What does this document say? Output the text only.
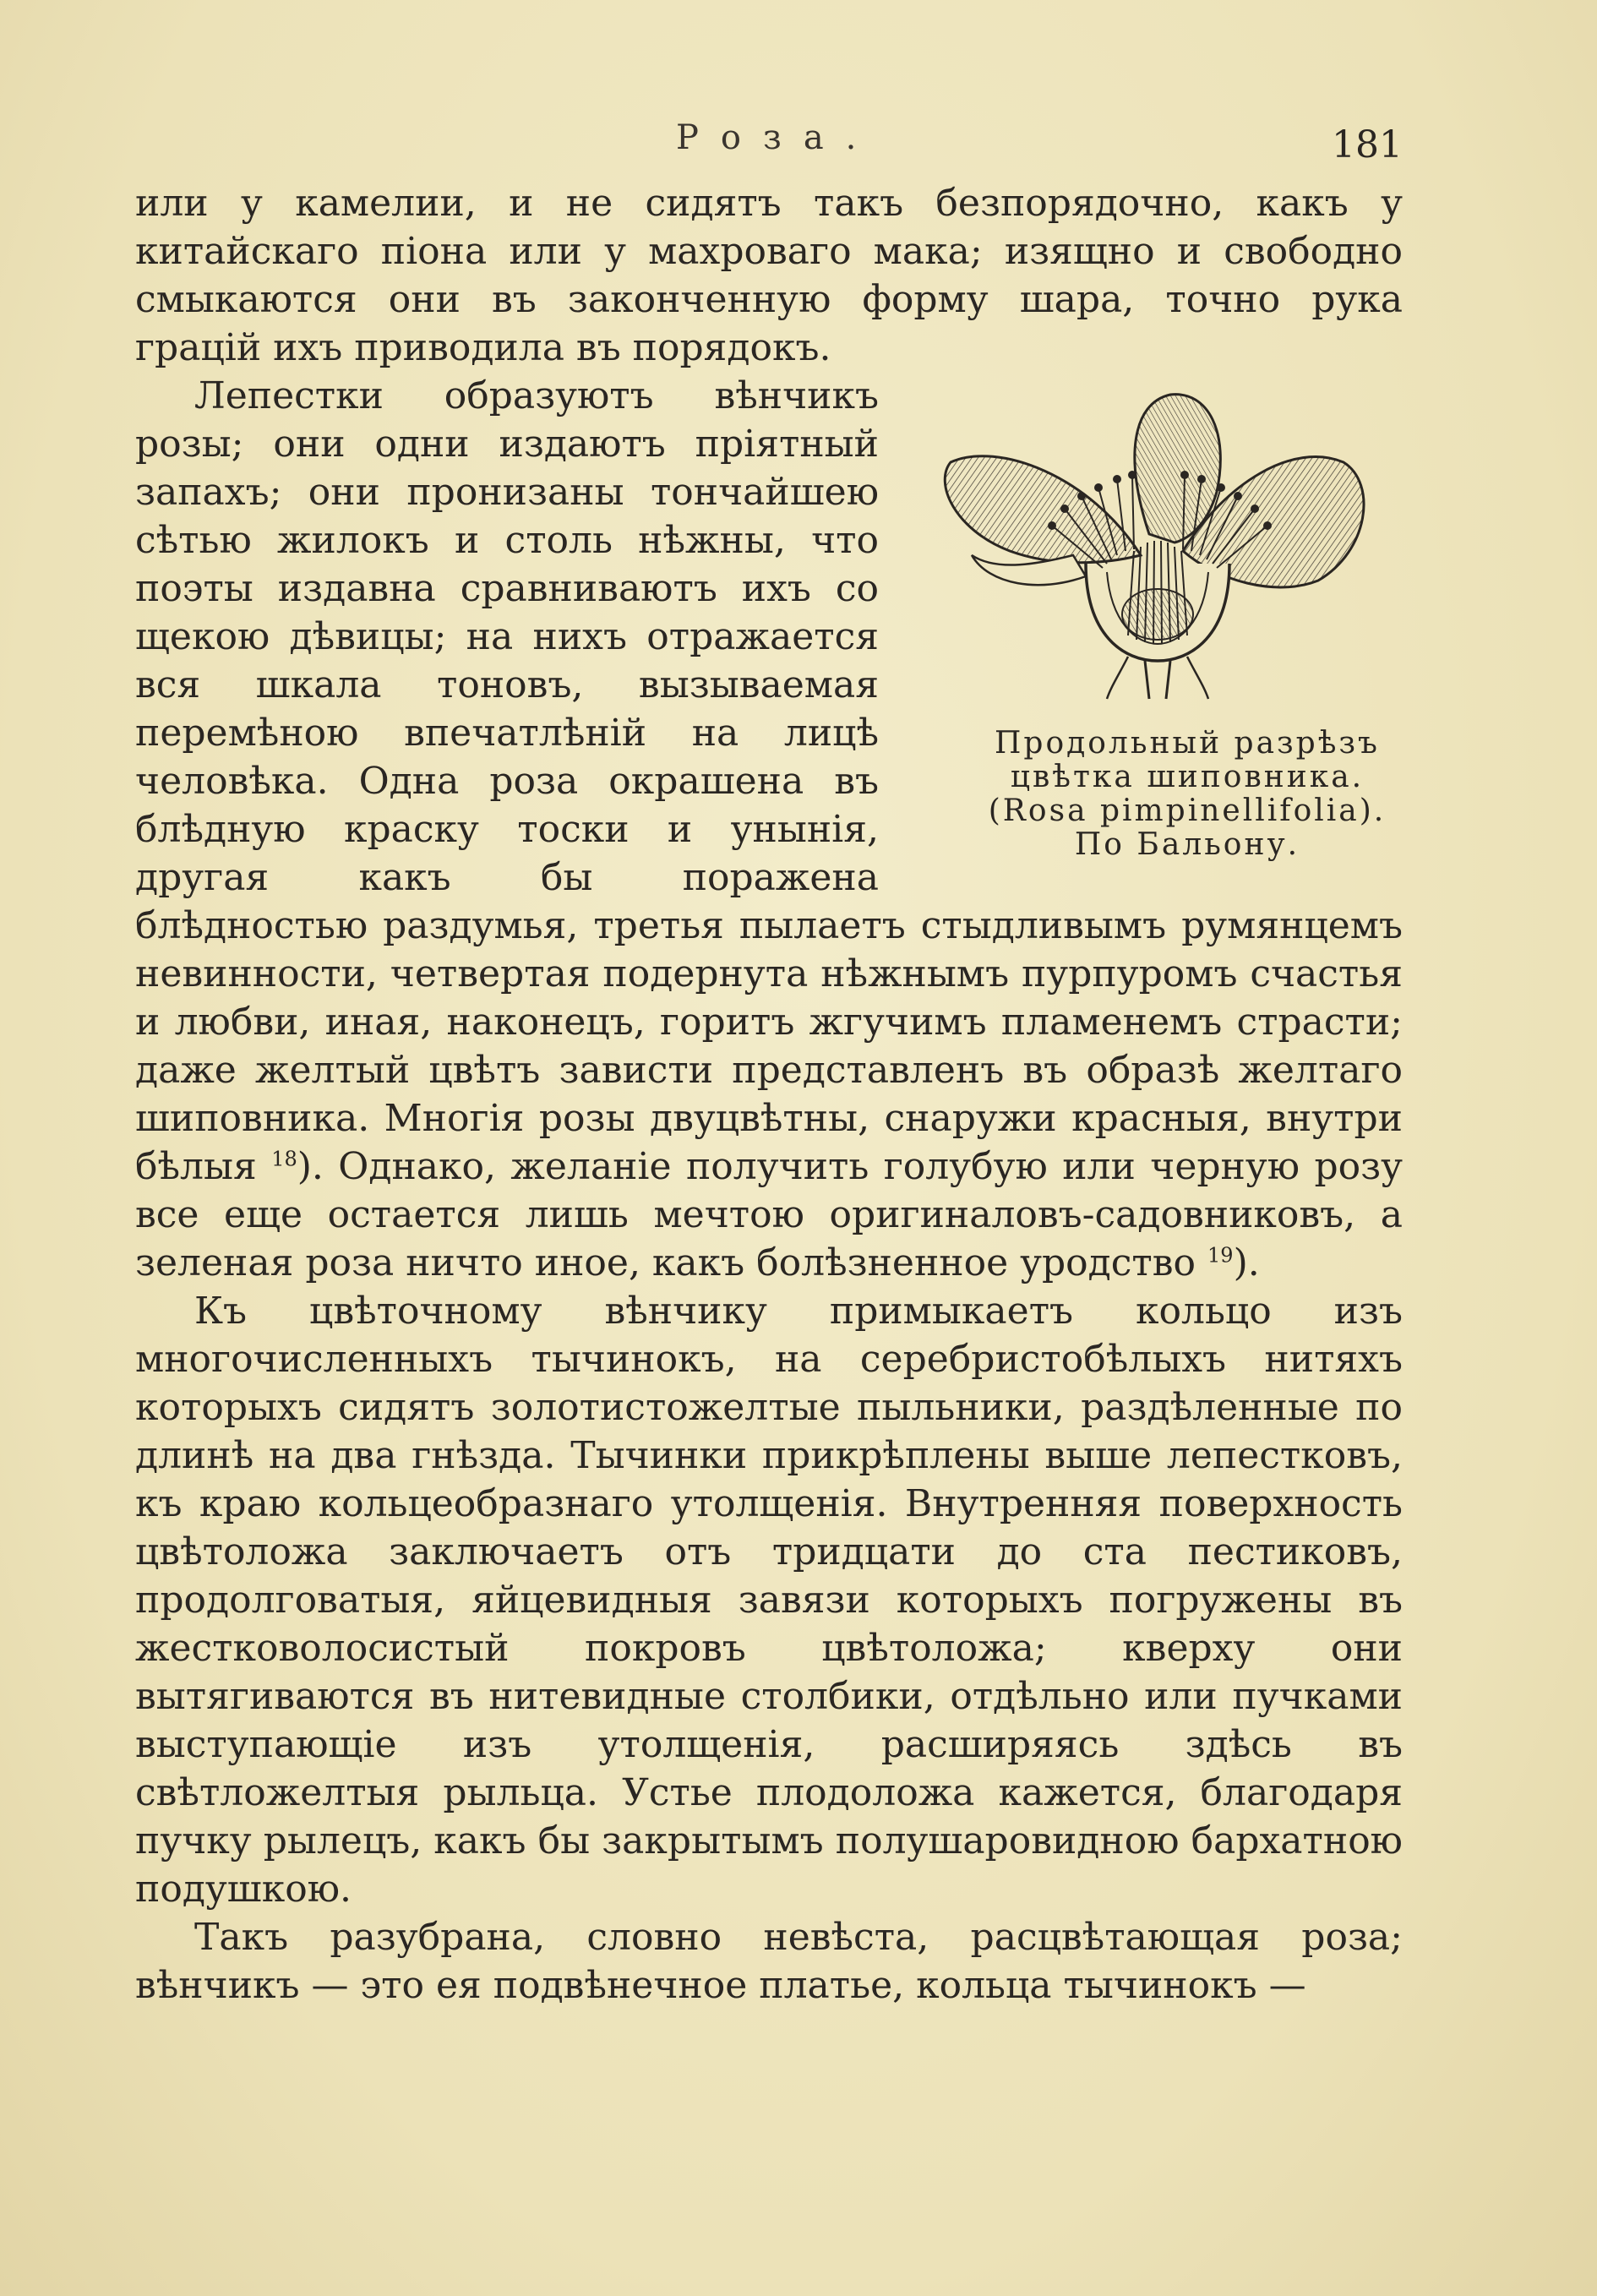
Роза.	181

или у камелии, и не сидятъ такъ безпорядочно, какъ у китайскаго піона или у махроваго мака; изящно и свободно смыкаются они въ законченную форму шара, точно рука грацій ихъ приводила въ порядокъ.

Продольный разрѣзъ
цвѣтка шиповника.
(Rosa pimpinellifolia).
По Бальону.
Лепестки образуютъ вѣнчикъ розы; они одни издаютъ пріятный запахъ; они пронизаны тончайшею сѣтью жилокъ и столь нѣжны, что поэты издавна сравниваютъ ихъ со щекою дѣвицы; на нихъ отражается вся шкала тоновъ, вызываемая перемѣною впечатлѣній на лицѣ человѣка. Одна роза окрашена въ блѣдную краску тоски и унынія, другая какъ бы поражена блѣдностью раздумья, третья пылаетъ стыдливымъ румянцемъ невинности, четвертая подернута нѣжнымъ пурпуромъ счастья и любви, иная, наконецъ, горитъ жгучимъ пламенемъ страсти; даже желтый цвѣтъ зависти представленъ въ образѣ желтаго шиповника. Многія розы двуцвѣтны, снаружи красныя, внутри бѣлыя $^{18}$). Однако, желаніе получить голубую или черную розу все еще остается лишь мечтою оригиналовъ-садовниковъ, а зеленая роза ничто иное, какъ болѣзненное уродство $^{19}$).

Къ цвѣточному вѣнчику примыкаетъ кольцо изъ многочисленныхъ тычинокъ, на серебристобѣлыхъ нитяхъ которыхъ сидятъ золотистожелтые пыльники, раздѣленные по длинѣ на два гнѣзда. Тычинки прикрѣплены выше лепестковъ, къ краю кольцеобразнаго утолщенія. Внутренняя поверхность цвѣтоложа заключаетъ отъ тридцати до ста пестиковъ, продолговатыя, яйцевидныя завязи которыхъ погружены въ жестковолосистый покровъ цвѣтоложа; кверху они вытягиваются въ нитевидные столбики, отдѣльно или пучками выступающіе изъ утолщенія, расширяясь здѣсь въ свѣтложелтыя рыльца. Устье плодоложа кажется, благодаря пучку рылецъ, какъ бы закрытымъ полушаровидною бархатною подушкою.

Такъ разубрана, словно невѣста, расцвѣтающая роза; вѣнчикъ — это ея подвѣнечное платье, кольца тычинокъ —
